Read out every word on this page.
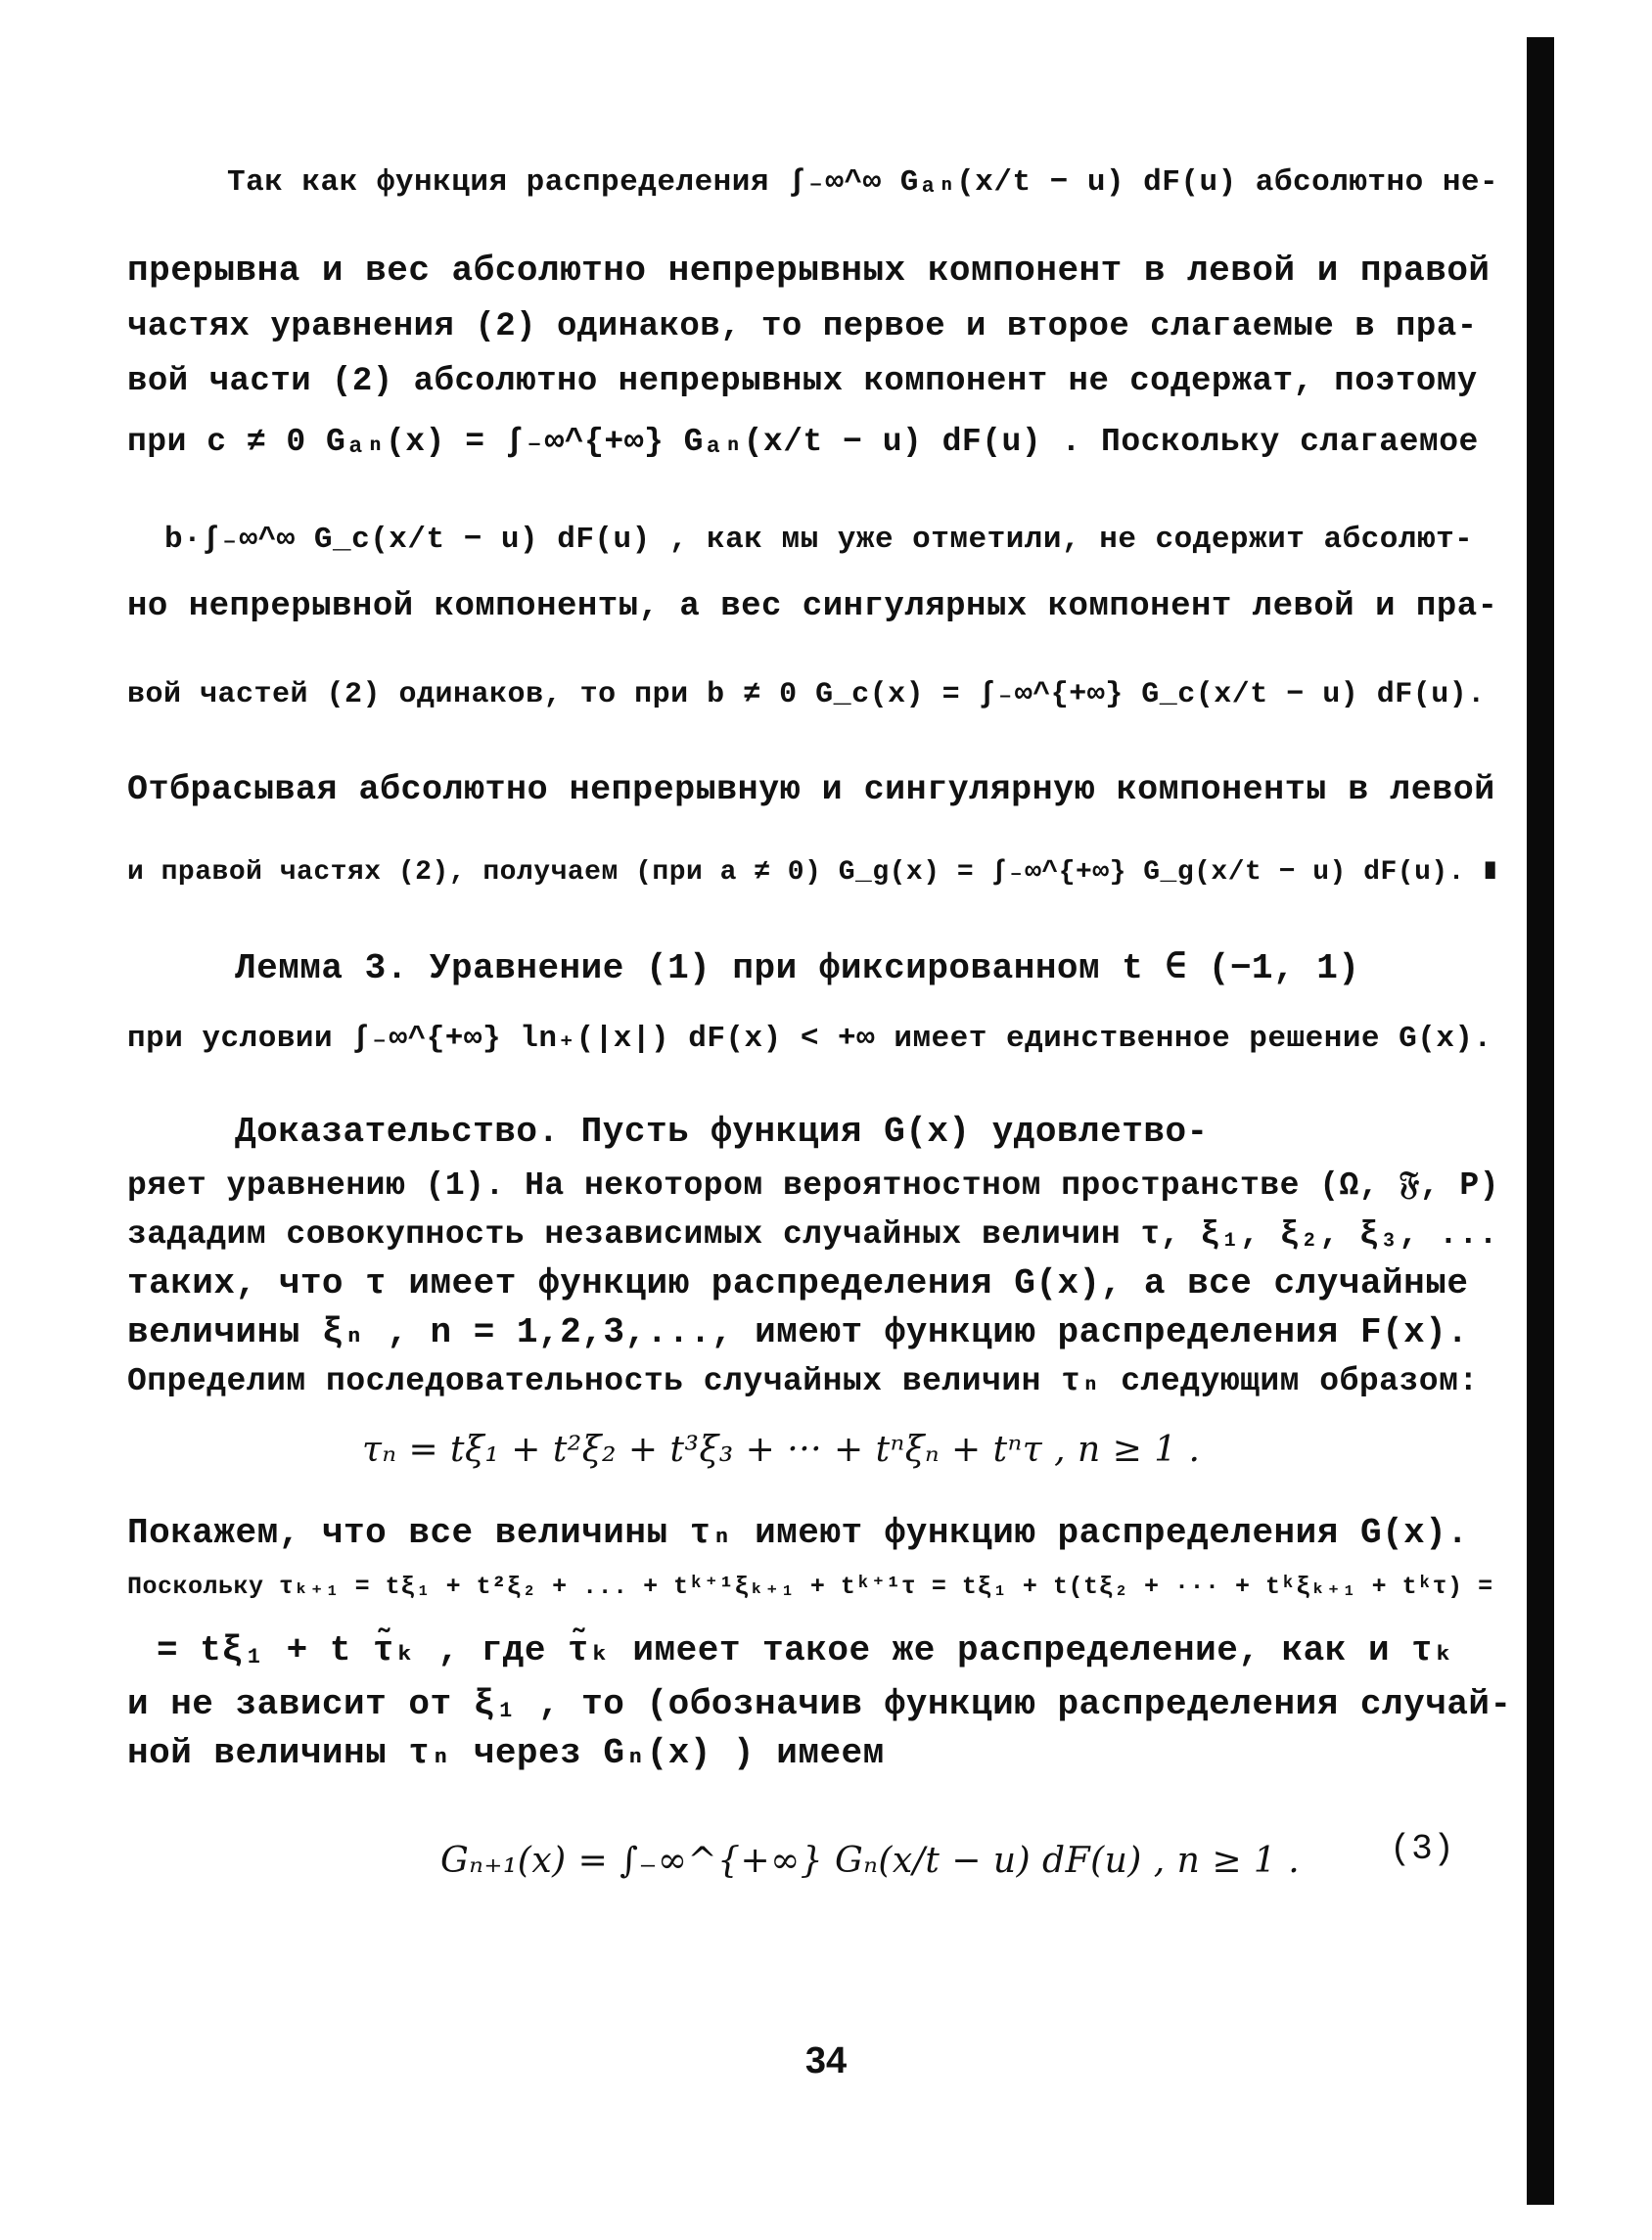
Так как функция распределения ∫₋∞^∞ Gₐₙ(x/t − u) dF(u) абсолютно не-
прерывна и вес абсолютно непрерывных компонент в левой и правой
частях уравнения (2) одинаков, то первое и второе слагаемые в пра-
вой части (2) абсолютно непрерывных компонент не содержат, поэтому
при c ≠ 0 Gₐₙ(x) = ∫₋∞^{+∞} Gₐₙ(x/t − u) dF(u) . Поскольку слагаемое
b·∫₋∞^∞ G_c(x/t − u) dF(u) , как мы уже отметили, не содержит абсолют-
но непрерывной компоненты, а вес сингулярных компонент левой и пра-
вой частей (2) одинаков, то при b ≠ 0 G_c(x) = ∫₋∞^{+∞} G_c(x/t − u) dF(u).
Отбрасывая абсолютно непрерывную и сингулярную компоненты в левой
и правой частях (2), получаем (при a ≠ 0) G_g(x) = ∫₋∞^{+∞} G_g(x/t − u) dF(u). ∎
Лемма 3. Уравнение (1) при фиксированном t ∈ (−1, 1)
при условии ∫₋∞^{+∞} ln₊(|x|) dF(x) < +∞ имеет единственное решение G(x).
Доказательство. Пусть функция G(x) удовлетво-
ряет уравнению (1). На некотором вероятностном пространстве (Ω, 𝔉, P)
зададим совокупность независимых случайных величин τ, ξ₁, ξ₂, ξ₃, ...
таких, что τ имеет функцию распределения G(x), а все случайные
величины ξₙ , n = 1,2,3,..., имеют функцию распределения F(x).
Определим последовательность случайных величин τₙ следующим образом:
τₙ = tξ₁ + t²ξ₂ + t³ξ₃ + ··· + tⁿξₙ + tⁿτ , n ≥ 1 .
Покажем, что все величины τₙ имеют функцию распределения G(x).
Поскольку τₖ₊₁ = tξ₁ + t²ξ₂ + ... + tᵏ⁺¹ξₖ₊₁ + tᵏ⁺¹τ = tξ₁ + t(tξ₂ + ··· + tᵏξₖ₊₁ + tᵏτ) =
= tξ₁ + t τ̃ₖ , где τ̃ₖ имеет такое же распределение, как и τₖ
и не зависит от ξ₁ , то (обозначив функцию распределения случай-
ной величины τₙ через Gₙ(x) ) имеем
Gₙ₊₁(x) = ∫₋∞^{+∞} Gₙ(x/t − u) dF(u) , n ≥ 1 .	(3)
34
